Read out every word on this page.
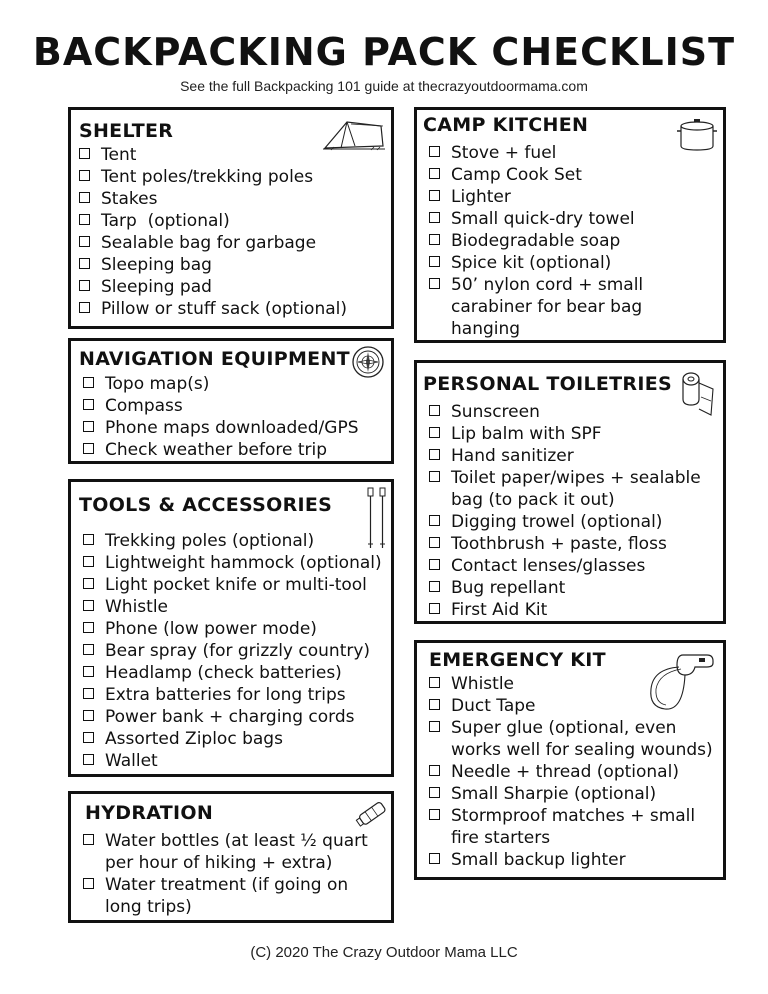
BACKPACKING PACK CHECKLIST
See the full Backpacking 101 guide at thecrazyoutdoormama.com
SHELTER
Tent
Tent poles/trekking poles
Stakes
Tarp  (optional)
Sealable bag for garbage
Sleeping bag
Sleeping pad
Pillow or stuff sack (optional)
NAVIGATION EQUIPMENT
Topo map(s)
Compass
Phone maps downloaded/GPS
Check weather before trip
TOOLS & ACCESSORIES
Trekking poles (optional)
Lightweight hammock (optional)
Light pocket knife or multi-tool
Whistle
Phone (low power mode)
Bear spray (for grizzly country)
Headlamp (check batteries)
Extra batteries for long trips
Power bank + charging cords
Assorted Ziploc bags
Wallet
HYDRATION
Water bottles (at least ½ quart
per hour of hiking + extra)
Water treatment (if going on
long trips)
CAMP KITCHEN
Stove + fuel
Camp Cook Set
Lighter
Small quick-dry towel
Biodegradable soap
Spice kit (optional)
50’ nylon cord + small
carabiner for bear bag
hanging
PERSONAL TOILETRIES
Sunscreen
Lip balm with SPF
Hand sanitizer
Toilet paper/wipes + sealable
bag (to pack it out)
Digging trowel (optional)
Toothbrush + paste, floss
Contact lenses/glasses
Bug repellant
First Aid Kit
EMERGENCY KIT
Whistle
Duct Tape
Super glue (optional, even
works well for sealing wounds)
Needle + thread (optional)
Small Sharpie (optional)
Stormproof matches + small
fire starters
Small backup lighter
(C) 2020 The Crazy Outdoor Mama LLC
